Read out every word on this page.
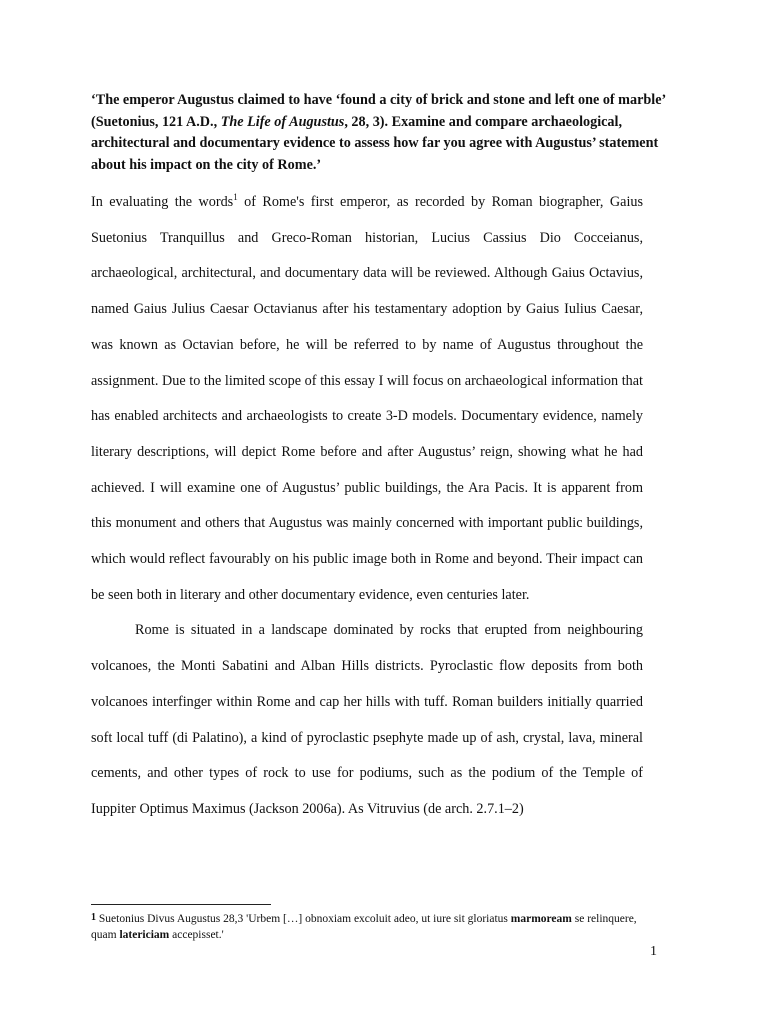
‘The emperor Augustus claimed to have ‘found a city of brick and stone and left one of marble’ (Suetonius, 121 A.D., The Life of Augustus, 28, 3). Examine and compare archaeological, architectural and documentary evidence to assess how far you agree with Augustus’ statement about his impact on the city of Rome.’

In evaluating the words$^1$ of Rome's first emperor, as recorded by Roman biographer, Gaius Suetonius Tranquillus and Greco-Roman historian, Lucius Cassius Dio Cocceianus, archaeological, architectural, and documentary data will be reviewed. Although Gaius Octavius, named Gaius Julius Caesar Octavianus after his testamentary adoption by Gaius Iulius Caesar, was known as Octavian before, he will be referred to by name of Augustus throughout the assignment. Due to the limited scope of this essay I will focus on archaeological information that has enabled architects and archaeologists to create 3-D models. Documentary evidence, namely literary descriptions, will depict Rome before and after Augustus’ reign, showing what he had achieved. I will examine one of Augustus’ public buildings, the Ara Pacis. It is apparent from this monument and others that Augustus was mainly concerned with important public buildings, which would reflect favourably on his public image both in Rome and beyond. Their impact can be seen both in literary and other documentary evidence, even centuries later.

Rome is situated in a landscape dominated by rocks that erupted from neighbouring volcanoes, the Monti Sabatini and Alban Hills districts. Pyroclastic flow deposits from both volcanoes interfinger within Rome and cap her hills with tuff. Roman builders initially quarried soft local tuff (di Palatino), a kind of pyroclastic psephyte made up of ash, crystal, lava, mineral cements, and other types of rock to use for podiums, such as the podium of the Temple of Iuppiter Optimus Maximus (Jackson 2006a). As Vitruvius (de arch. 2.7.1–2)

1 Suetonius Divus Augustus 28,3 'Urbem […] obnoxiam excoluit adeo, ut iure sit gloriatus marmoream se relinquere, quam latericiam accepisset.'
1
